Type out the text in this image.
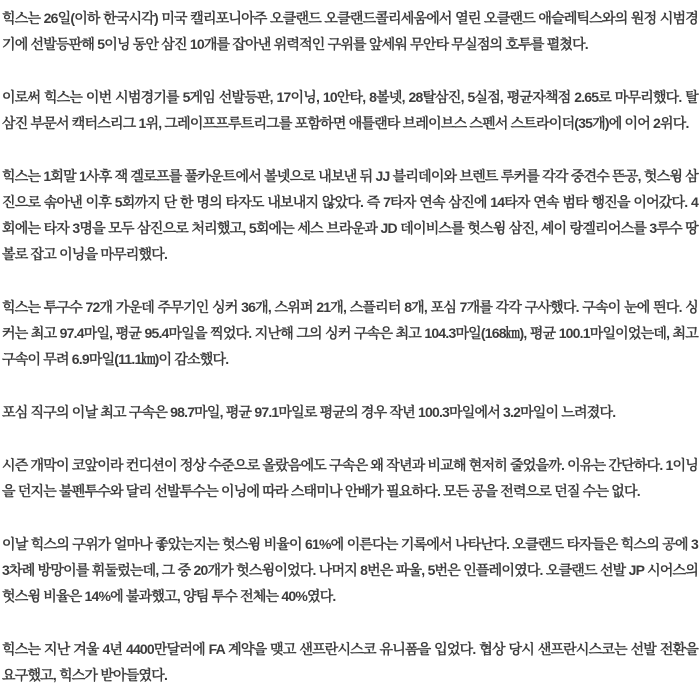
힉스는 26일(이하 한국시각) 미국 캘리포니아주 오클랜드 오클랜드콜리세움에서 열린 오클랜드 애슬레틱스와의 원정 시범경기에 선발등판해 5이닝 동안 삼진 10개를 잡아낸 위력적인 구위를 앞세워 무안타 무실점의 호투를 펼쳤다.

이로써 힉스는 이번 시범경기를 5게임 선발등판, 17이닝, 10안타, 8볼넷, 28탈삼진, 5실점, 평균자책점 2.65로 마무리했다. 탈삼진 부문서 캑터스리그 1위, 그레이프프루트리그를 포함하면 애틀랜타 브레이브스 스펜서 스트라이더(35개)에 이어 2위다.

힉스는 1회말 1사후 잭 겔로프를 풀카운트에서 볼넷으로 내보낸 뒤 JJ 블리데이와 브렌트 루커를 각각 중견수 뜬공, 헛스윙 삼진으로 솎아낸 이후 5회까지 단 한 명의 타자도 내보내지 않았다. 즉 7타자 연속 삼진에 14타자 연속 범타 행진을 이어갔다. 4회에는 타자 3명을 모두 삼진으로 처리했고, 5회에는 세스 브라운과 JD 데이비스를 헛스윙 삼진, 셰이 랑겔리어스를 3루수 땅볼로 잡고 이닝을 마무리했다.

힉스는 투구수 72개 가운데 주무기인 싱커 36개, 스위퍼 21개, 스플리터 8개, 포심 7개를 각각 구사했다. 구속이 눈에 띈다. 싱커는 최고 97.4마일, 평균 95.4마일을 찍었다. 지난해 그의 싱커 구속은 최고 104.3마일(168㎞), 평균 100.1마일이었는데, 최고 구속이 무려 6.9마일(11.1㎞)이 감소했다.

포심 직구의 이날 최고 구속은 98.7마일, 평균 97.1마일로 평균의 경우 작년 100.3마일에서 3.2마일이 느려졌다.

시즌 개막이 코앞이라 컨디션이 정상 수준으로 올랐음에도 구속은 왜 작년과 비교해 현저히 줄었을까. 이유는 간단하다. 1이닝을 던지는 불펜투수와 달리 선발투수는 이닝에 따라 스태미나 안배가 필요하다. 모든 공을 전력으로 던질 수는 없다.

이날 힉스의 구위가 얼마나 좋았는지는 헛스윙 비율이 61%에 이른다는 기록에서 나타난다. 오클랜드 타자들은 힉스의 공에 33차례 방망이를 휘둘렀는데, 그 중 20개가 헛스윙이었다. 나머지 8번은 파울, 5번은 인플레이였다. 오클랜드 선발 JP 시어스의 헛스윙 비율은 14%에 불과했고, 양팀 투수 전체는 40%였다.

힉스는 지난 겨울 4년 4400만달러에 FA 계약을 맺고 샌프란시스코 유니폼을 입었다. 협상 당시 샌프란시스코는 선발 전환을 요구했고, 힉스가 받아들였다.
